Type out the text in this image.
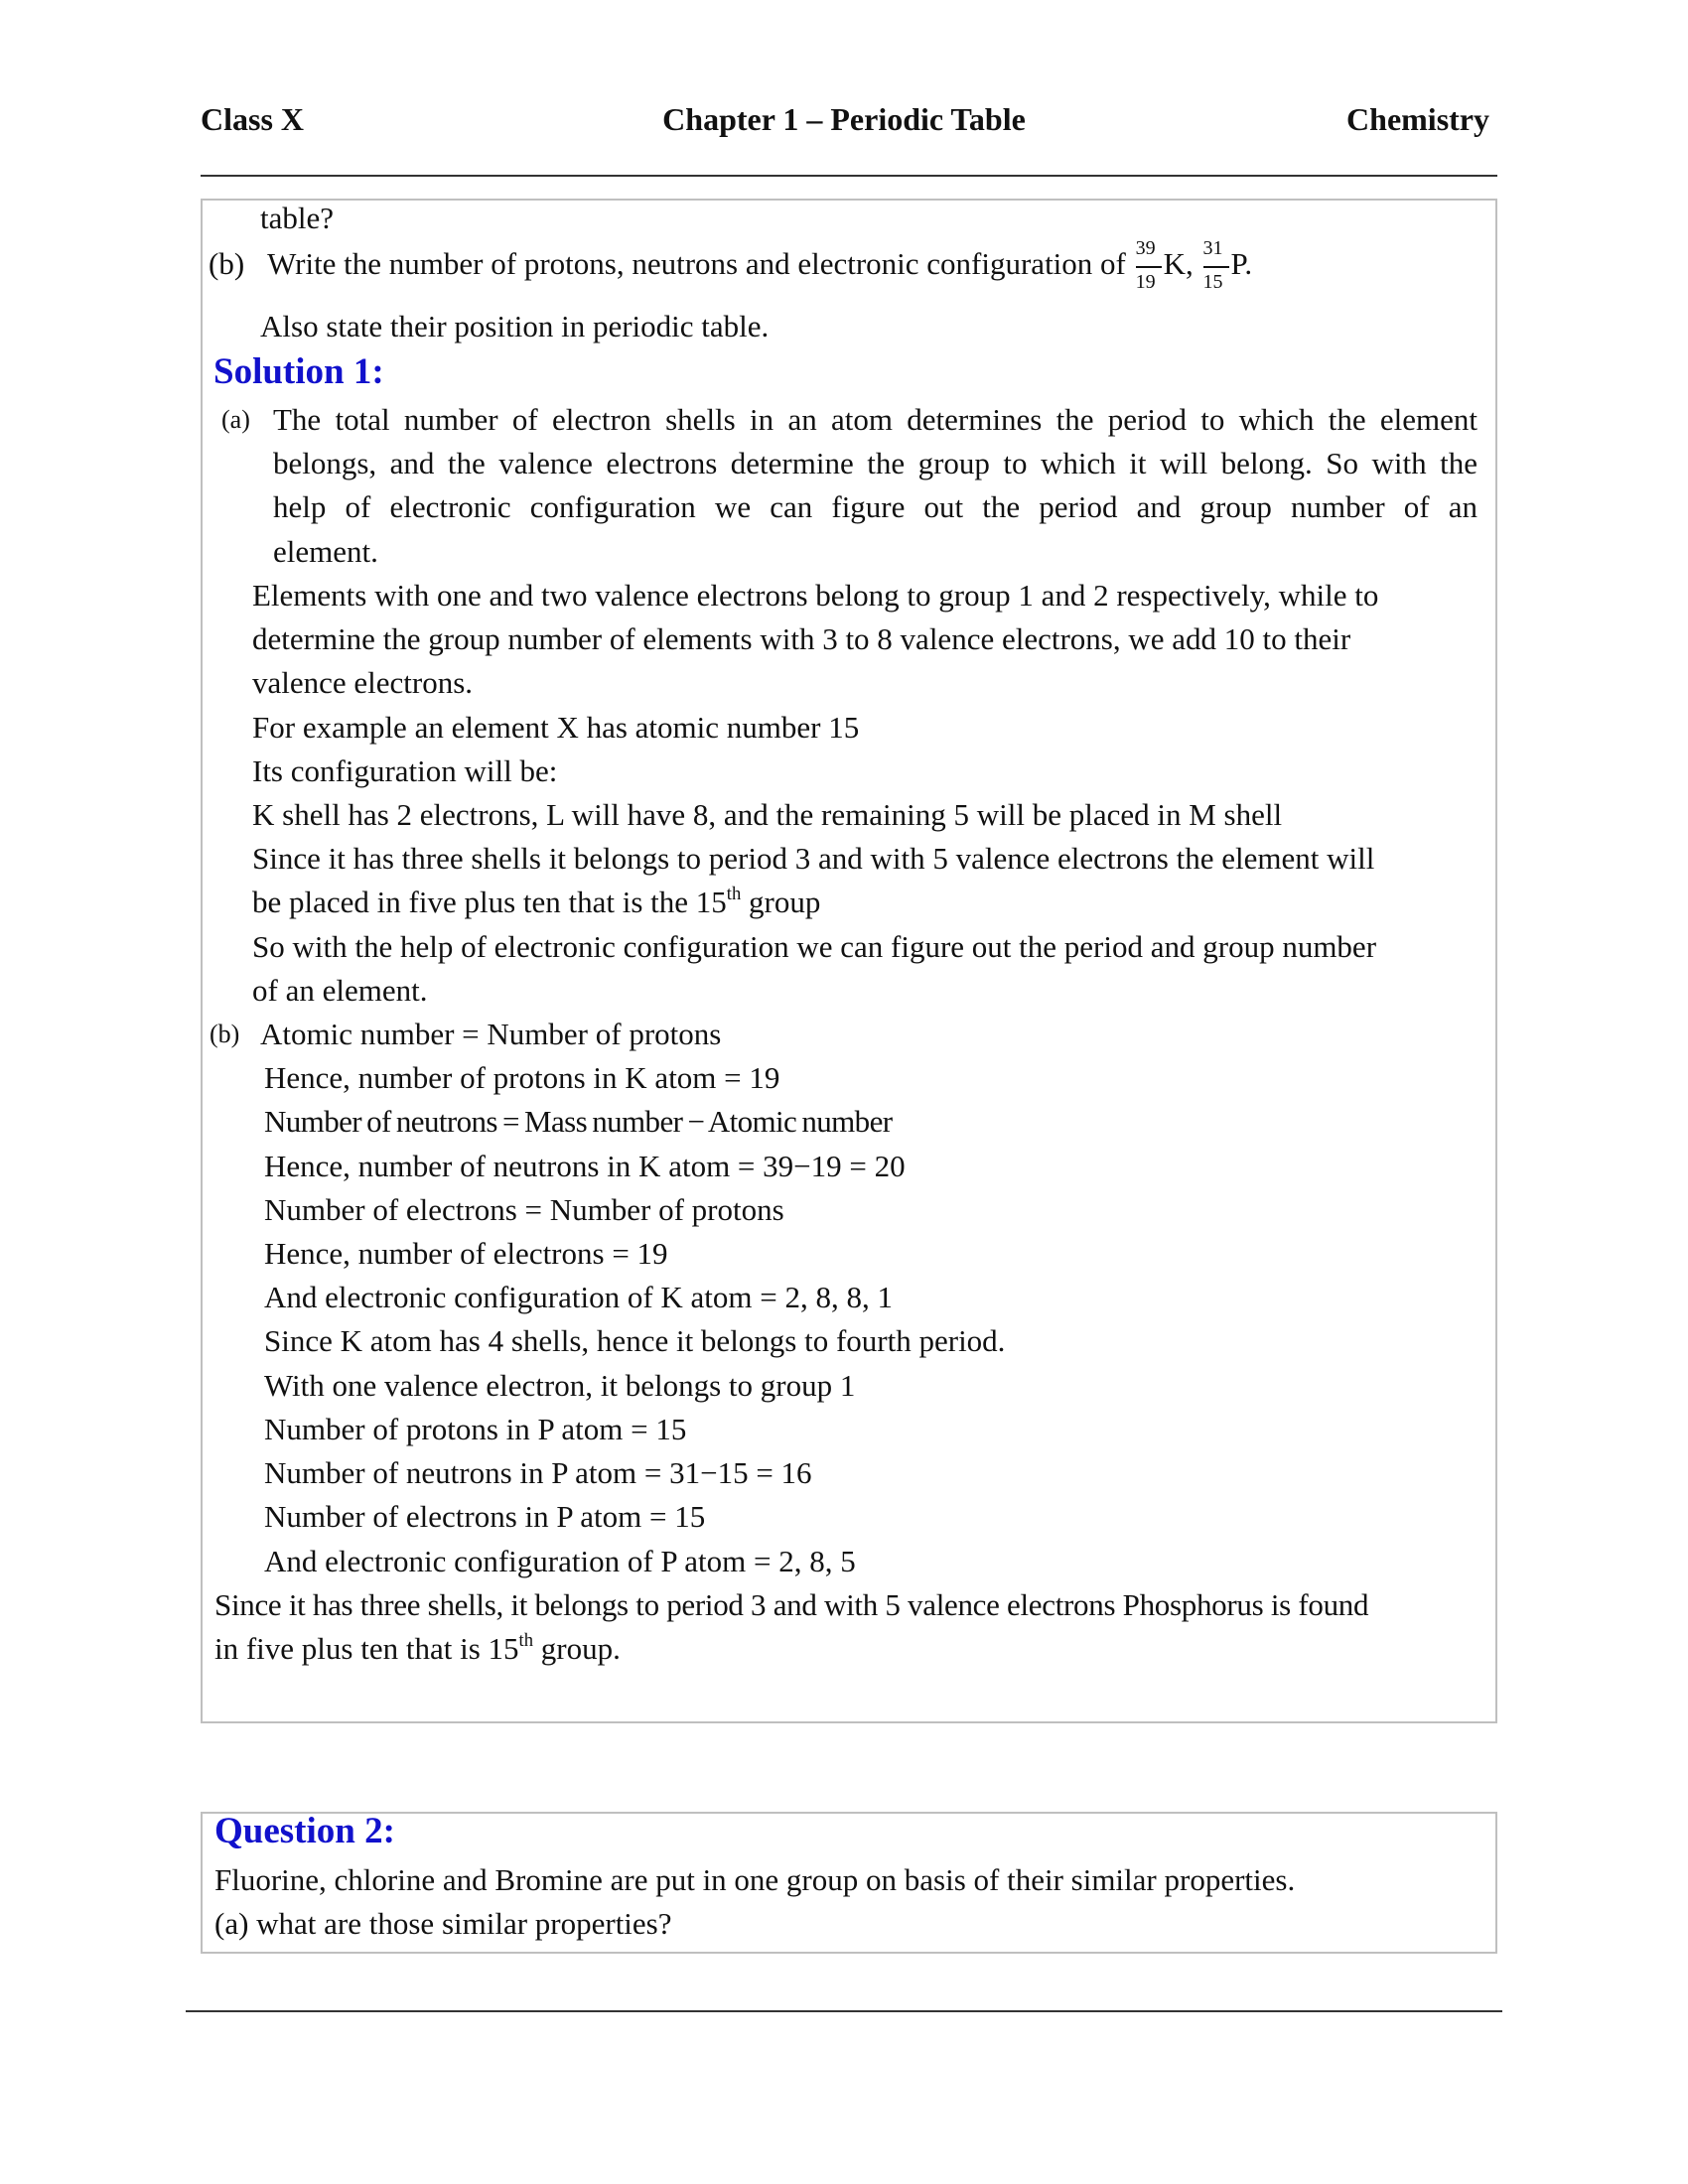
Class X	Chapter 1 – Periodic Table	Chemistry
table?
(b) Write the number of protons, neutrons and electronic configuration of $\frac{39}{19} K$, $\frac{31}{15} P$.
Also state their position in periodic table.
Solution 1:
(a) The total number of electron shells in an atom determines the period to which the element
belongs, and the valence electrons determine the group to which it will belong. So with the
help of electronic configuration we can figure out the period and group number of an
element.
Elements with one and two valence electrons belong to group 1 and 2 respectively, while to
determine the group number of elements with 3 to 8 valence electrons, we add 10 to their
valence electrons.
For example an element X has atomic number 15
Its configuration will be:
K shell has 2 electrons, L will have 8, and the remaining 5 will be placed in M shell
Since it has three shells it belongs to period 3 and with 5 valence electrons the element will
be placed in five plus ten that is the 15th group
So with the help of electronic configuration we can figure out the period and group number
of an element.
(b) Atomic number = Number of protons
Hence, number of protons in K atom = 19
Number of neutrons = Mass number − Atomic number
Hence, number of neutrons in K atom = 39−19 = 20
Number of electrons = Number of protons
Hence, number of electrons = 19
And electronic configuration of K atom = 2, 8, 8, 1
Since K atom has 4 shells, hence it belongs to fourth period.
With one valence electron, it belongs to group 1
Number of protons in P atom = 15
Number of neutrons in P atom = 31−15 = 16
Number of electrons in P atom = 15
And electronic configuration of P atom = 2, 8, 5
Since it has three shells, it belongs to period 3 and with 5 valence electrons Phosphorus is found
in five plus ten that is 15th group.
Question 2:
Fluorine, chlorine and Bromine are put in one group on basis of their similar properties.
(a) what are those similar properties?
